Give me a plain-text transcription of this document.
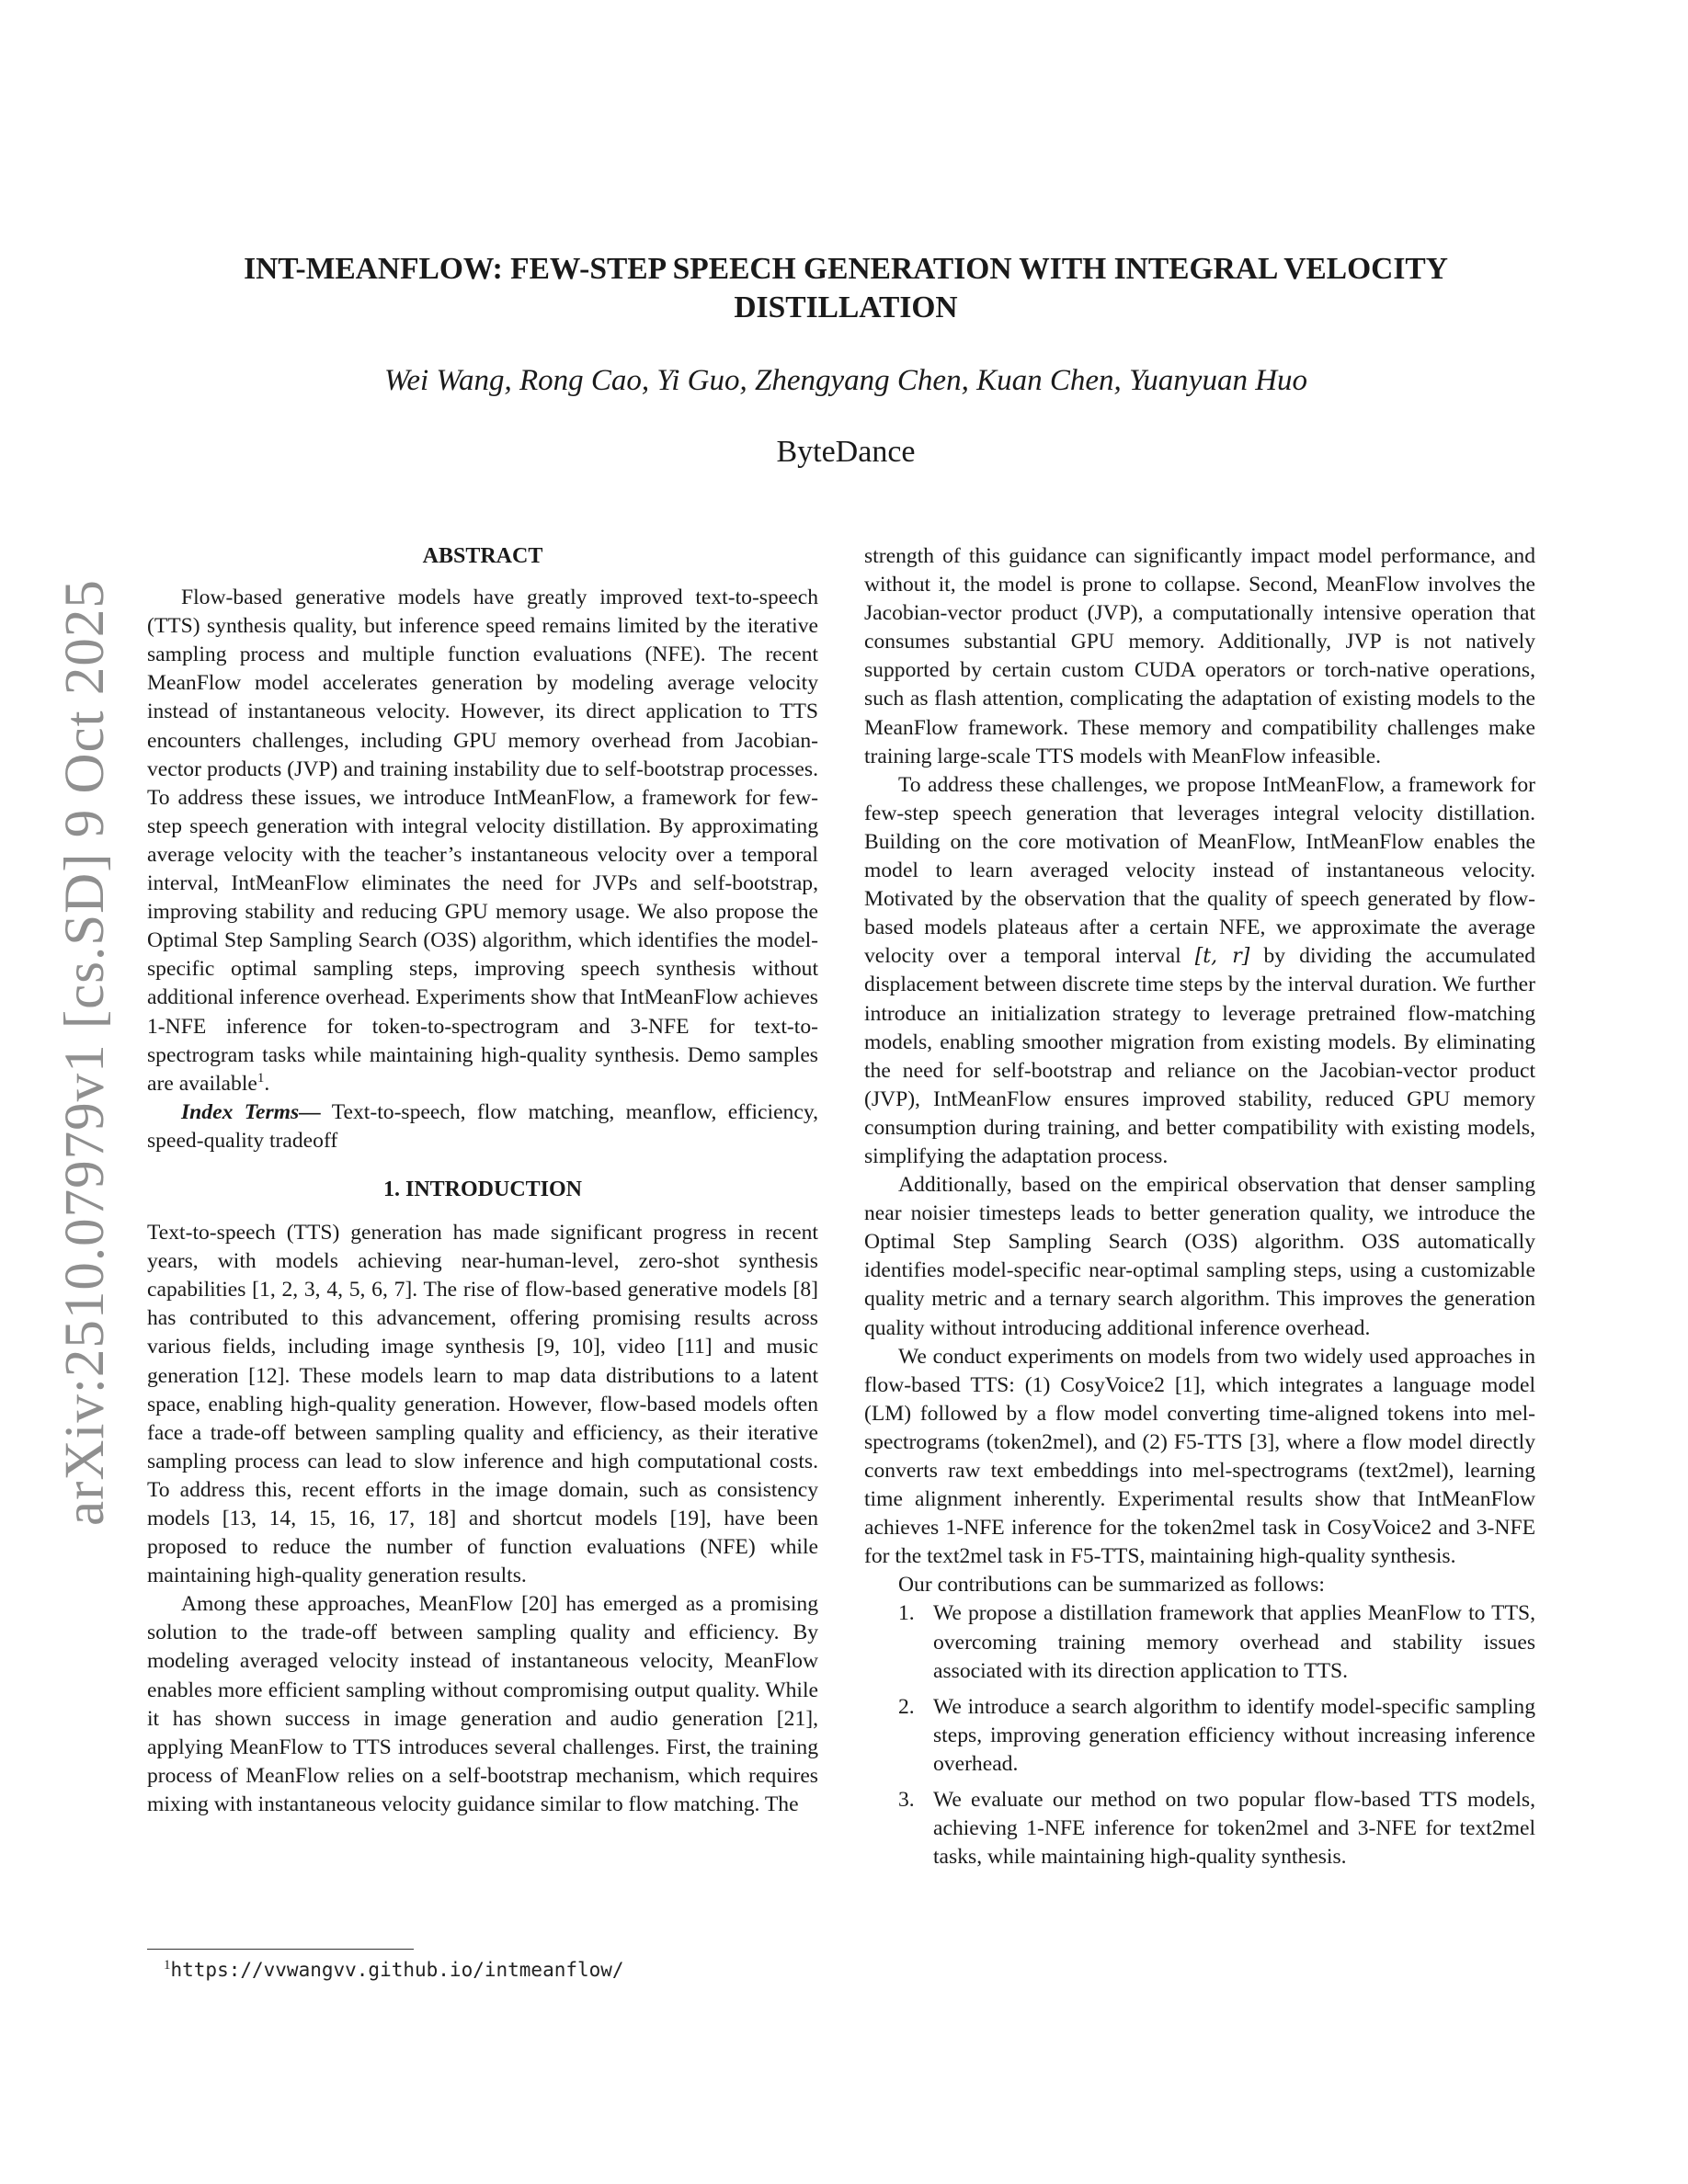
arXiv:2510.07979v1 [cs.SD] 9 Oct 2025
INT-MEANFLOW: FEW-STEP SPEECH GENERATION WITH INTEGRAL VELOCITY
DISTILLATION
Wei Wang, Rong Cao, Yi Guo, Zhengyang Chen, Kuan Chen, Yuanyuan Huo
ByteDance
ABSTRACT

Flow-based generative models have greatly improved text-to-speech (TTS) synthesis quality, but inference speed remains limited by the iterative sampling process and multiple function evaluations (NFE). The recent MeanFlow model accelerates generation by modeling average velocity instead of instantaneous velocity. However, its direct application to TTS encounters challenges, including GPU memory overhead from Jacobian-vector products (JVP) and training instability due to self-bootstrap processes. To address these issues, we introduce IntMeanFlow, a framework for few-step speech generation with integral velocity distillation. By approximating average velocity with the teacher’s instantaneous velocity over a temporal interval, IntMeanFlow eliminates the need for JVPs and self-bootstrap, improving stability and reducing GPU memory usage. We also propose the Optimal Step Sampling Search (O3S) algorithm, which identifies the model-specific optimal sampling steps, improving speech synthesis without additional inference overhead. Experiments show that IntMeanFlow achieves 1-NFE inference for token-to-spectrogram and 3-NFE for text-to-spectrogram tasks while maintaining high-quality synthesis. Demo samples are available$^1$.

Index Terms— Text-to-speech, flow matching, meanflow, efficiency, speed-quality tradeoff

1. INTRODUCTION

Text-to-speech (TTS) generation has made significant progress in recent years, with models achieving near-human-level, zero-shot synthesis capabilities [1, 2, 3, 4, 5, 6, 7]. The rise of flow-based generative models [8] has contributed to this advancement, offering promising results across various fields, including image synthesis [9, 10], video [11] and music generation [12]. These models learn to map data distributions to a latent space, enabling high-quality generation. However, flow-based models often face a trade-off between sampling quality and efficiency, as their iterative sampling process can lead to slow inference and high computational costs. To address this, recent efforts in the image domain, such as consistency models [13, 14, 15, 16, 17, 18] and shortcut models [19], have been proposed to reduce the number of function evaluations (NFE) while maintaining high-quality generation results.

Among these approaches, MeanFlow [20] has emerged as a promising solution to the trade-off between sampling quality and efficiency. By modeling averaged velocity instead of instantaneous velocity, MeanFlow enables more efficient sampling without compromising output quality. While it has shown success in image generation and audio generation [21], applying MeanFlow to TTS introduces several challenges. First, the training process of MeanFlow relies on a self-bootstrap mechanism, which requires mixing with instantaneous velocity guidance similar to flow matching. The

strength of this guidance can significantly impact model performance, and without it, the model is prone to collapse. Second, MeanFlow involves the Jacobian-vector product (JVP), a computationally intensive operation that consumes substantial GPU memory. Additionally, JVP is not natively supported by certain custom CUDA operators or torch-native operations, such as flash attention, complicating the adaptation of existing models to the MeanFlow framework. These memory and compatibility challenges make training large-scale TTS models with MeanFlow infeasible.

To address these challenges, we propose IntMeanFlow, a framework for few-step speech generation that leverages integral velocity distillation. Building on the core motivation of MeanFlow, IntMeanFlow enables the model to learn averaged velocity instead of instantaneous velocity. Motivated by the observation that the quality of speech generated by flow-based models plateaus after a certain NFE, we approximate the average velocity over a temporal interval [t, r] by dividing the accumulated displacement between discrete time steps by the interval duration. We further introduce an initialization strategy to leverage pretrained flow-matching models, enabling smoother migration from existing models. By eliminating the need for self-bootstrap and reliance on the Jacobian-vector product (JVP), IntMeanFlow ensures improved stability, reduced GPU memory consumption during training, and better compatibility with existing models, simplifying the adaptation process.

Additionally, based on the empirical observation that denser sampling near noisier timesteps leads to better generation quality, we introduce the Optimal Step Sampling Search (O3S) algorithm. O3S automatically identifies model-specific near-optimal sampling steps, using a customizable quality metric and a ternary search algorithm. This improves the generation quality without introducing additional inference overhead.

We conduct experiments on models from two widely used approaches in flow-based TTS: (1) CosyVoice2 [1], which integrates a language model (LM) followed by a flow model converting time-aligned tokens into mel-spectrograms (token2mel), and (2) F5-TTS [3], where a flow model directly converts raw text embeddings into mel-spectrograms (text2mel), learning time alignment inherently. Experimental results show that IntMeanFlow achieves 1-NFE inference for the token2mel task in CosyVoice2 and 3-NFE for the text2mel task in F5-TTS, maintaining high-quality synthesis.

Our contributions can be summarized as follows:

1. We propose a distillation framework that applies MeanFlow to TTS, overcoming training memory overhead and stability issues associated with its direction application to TTS.
2. We introduce a search algorithm to identify model-specific sampling steps, improving generation efficiency without increasing inference overhead.
3. We evaluate our method on two popular flow-based TTS models, achieving 1-NFE inference for token2mel and 3-NFE for text2mel tasks, while maintaining high-quality synthesis.
$^1$https://vvwangvv.github.io/intmeanflow/
